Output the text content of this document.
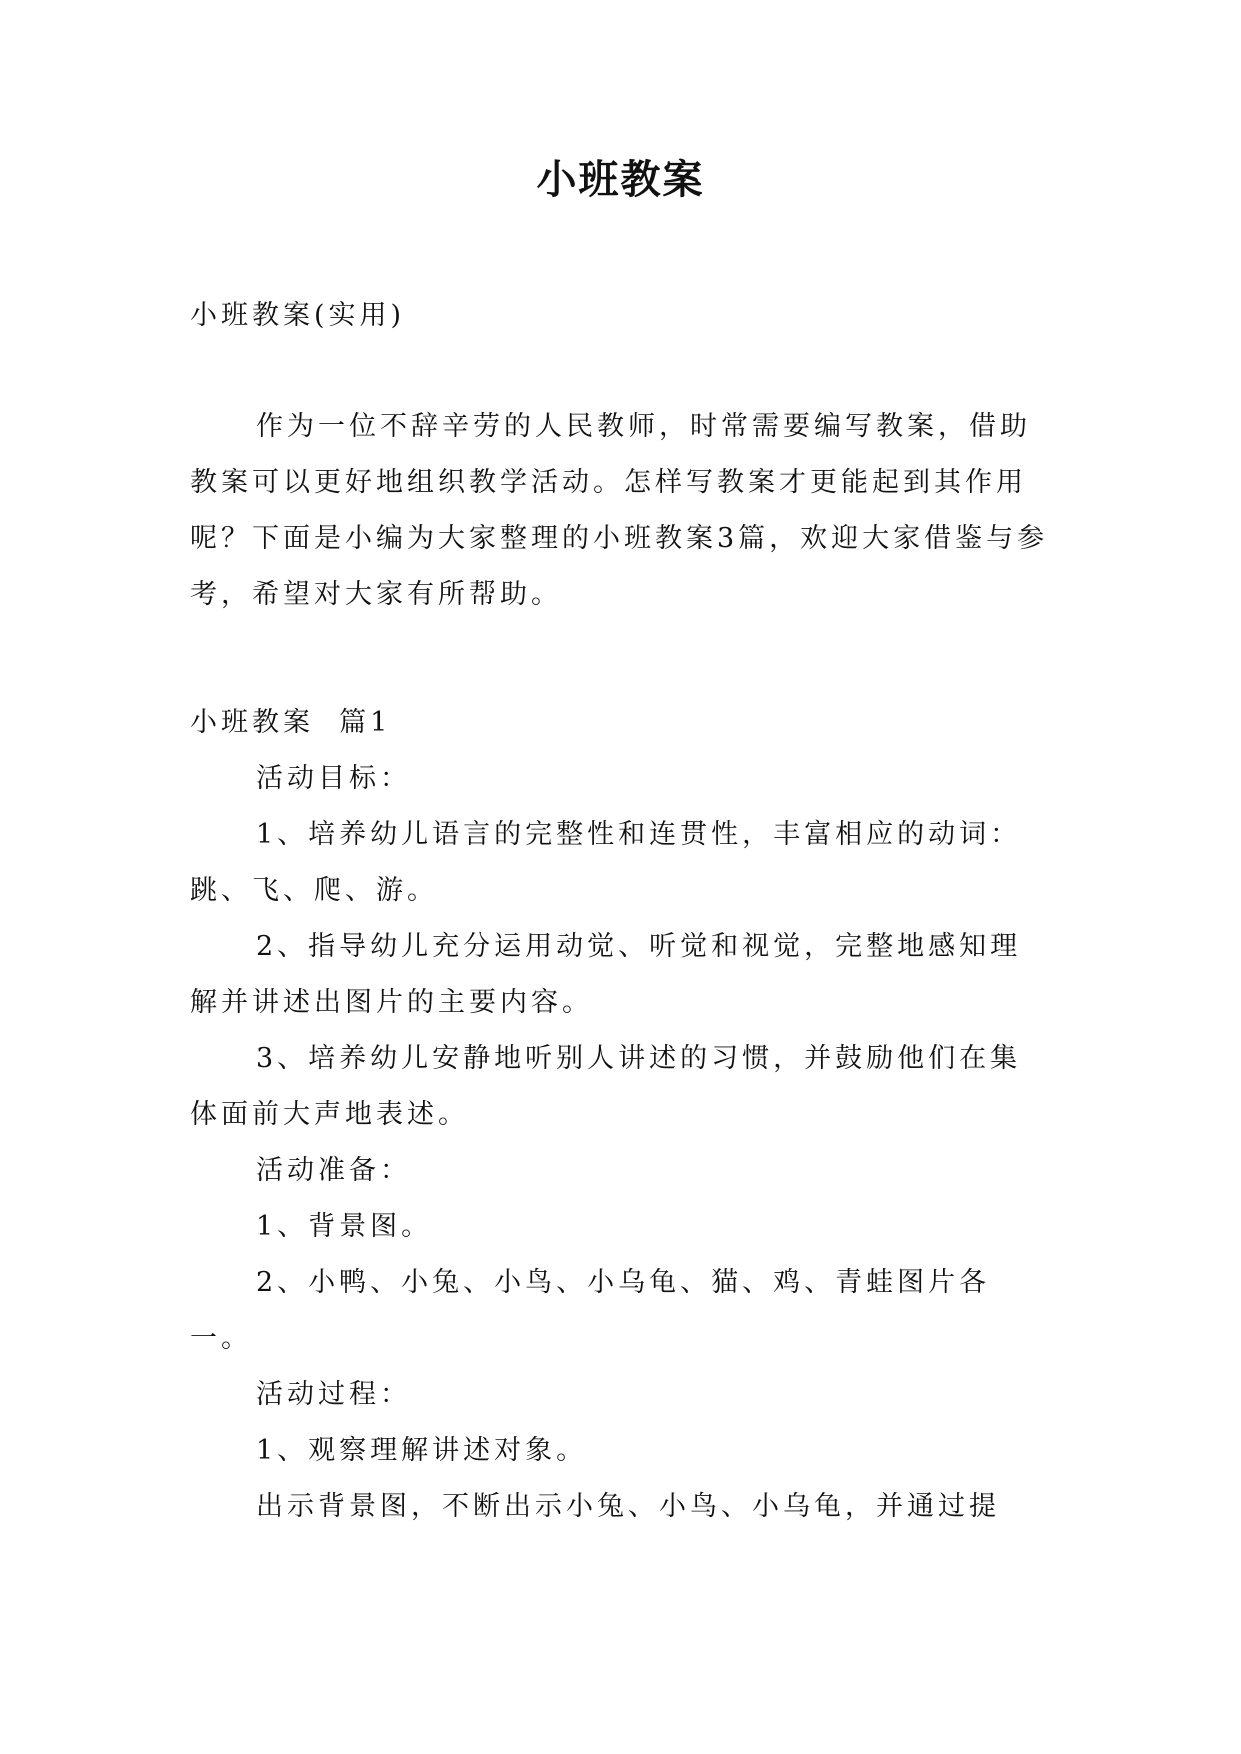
小班教案
小班教案(实用)
作为一位不辞辛劳的人民教师，时常需要编写教案，借助教案可以更好地组织教学活动。怎样写教案才更能起到其作用呢？下面是小编为大家整理的小班教案3篇，欢迎大家借鉴与参考，希望对大家有所帮助。

小班教案  篇1

活动目标：

1、培养幼儿语言的完整性和连贯性，丰富相应的动词：跳、飞、爬、游。

2、指导幼儿充分运用动觉、听觉和视觉，完整地感知理解并讲述出图片的主要内容。

3、培养幼儿安静地听别人讲述的习惯，并鼓励他们在集体面前大声地表述。

活动准备：

1、背景图。

2、小鸭、小兔、小鸟、小乌龟、猫、鸡、青蛙图片各一。

活动过程：

1、观察理解讲述对象。

出示背景图，不断出示小兔、小鸟、小乌龟，并通过提
